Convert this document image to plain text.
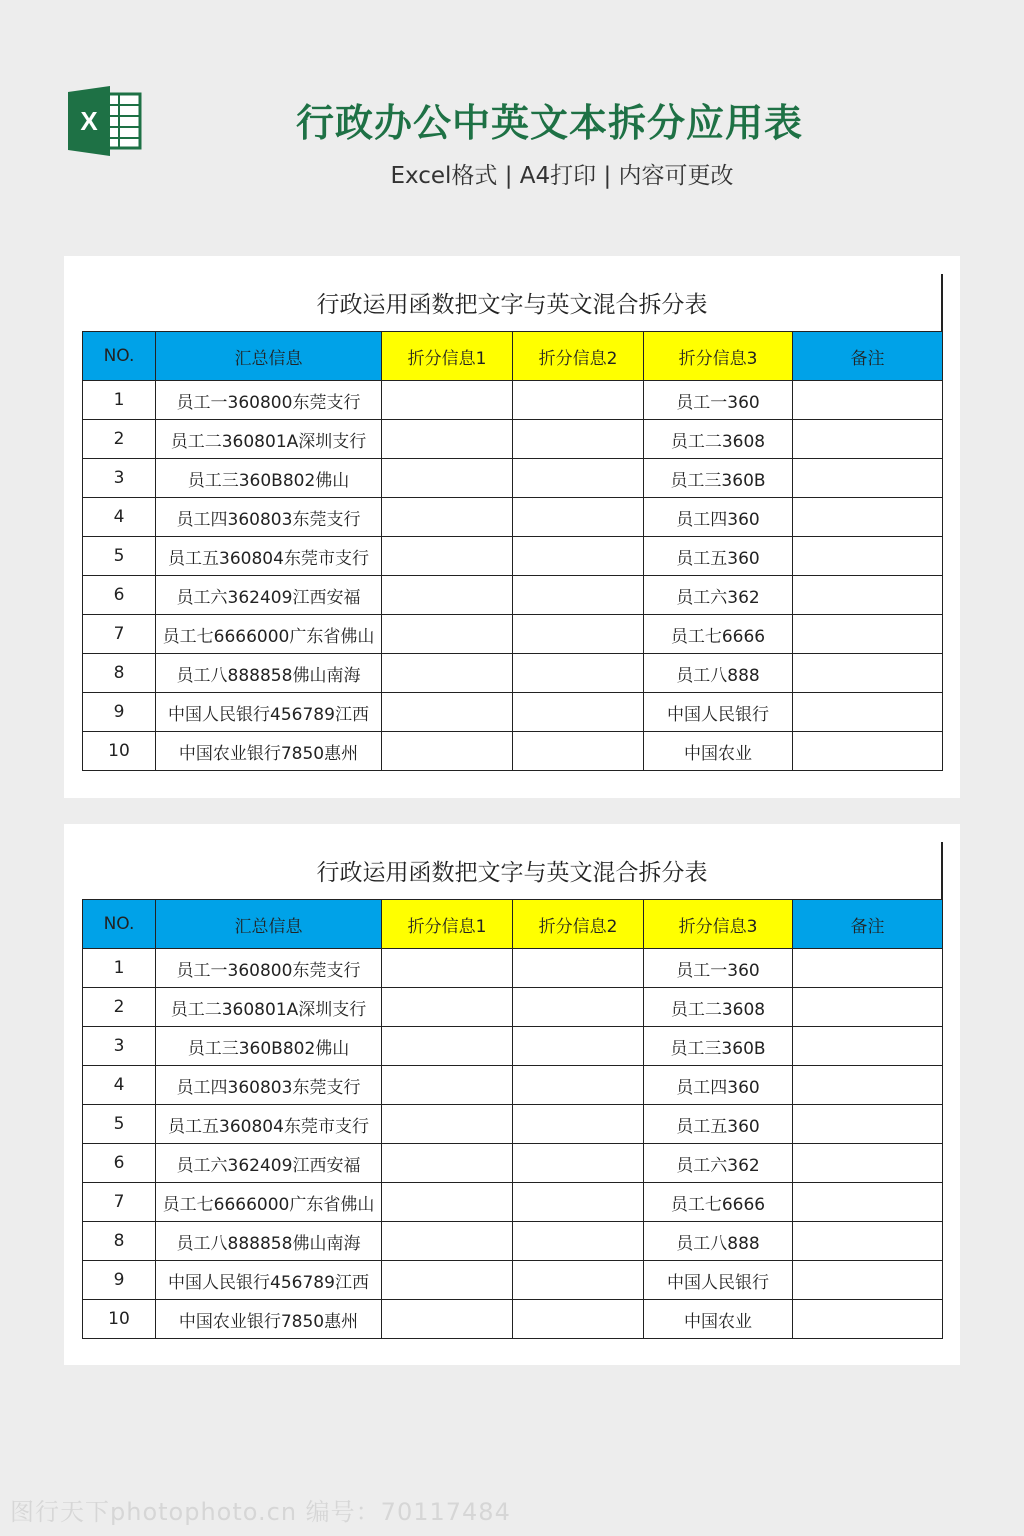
X	行政办公中英文本拆分应用表
Excel格式 | A4打印 | 内容可更改
行政运用函数把文字与英文混合拆分表
NO.	汇总信息	折分信息1	折分信息2	折分信息3	备注
1	员工一360800东莞支行			员工一360	
2	员工二360801A深圳支行			员工二3608	
3	员工三360B802佛山			员工三360B	
4	员工四360803东莞支行			员工四360	
5	员工五360804东莞市支行			员工五360	
6	员工六362409江西安福			员工六362	
7	员工七6666000广东省佛山			员工七6666	
8	员工八888858佛山南海			员工八888	
9	中国人民银行456789江西			中国人民银行	
10	中国农业银行7850惠州			中国农业	
行政运用函数把文字与英文混合拆分表
NO.	汇总信息	折分信息1	折分信息2	折分信息3	备注
1	员工一360800东莞支行			员工一360	
2	员工二360801A深圳支行			员工二3608	
3	员工三360B802佛山			员工三360B	
4	员工四360803东莞支行			员工四360	
5	员工五360804东莞市支行			员工五360	
6	员工六362409江西安福			员工六362	
7	员工七6666000广东省佛山			员工七6666	
8	员工八888858佛山南海			员工八888	
9	中国人民银行456789江西			中国人民银行	
10	中国农业银行7850惠州			中国农业	
图行天下photophoto.cn 编号：70117484
